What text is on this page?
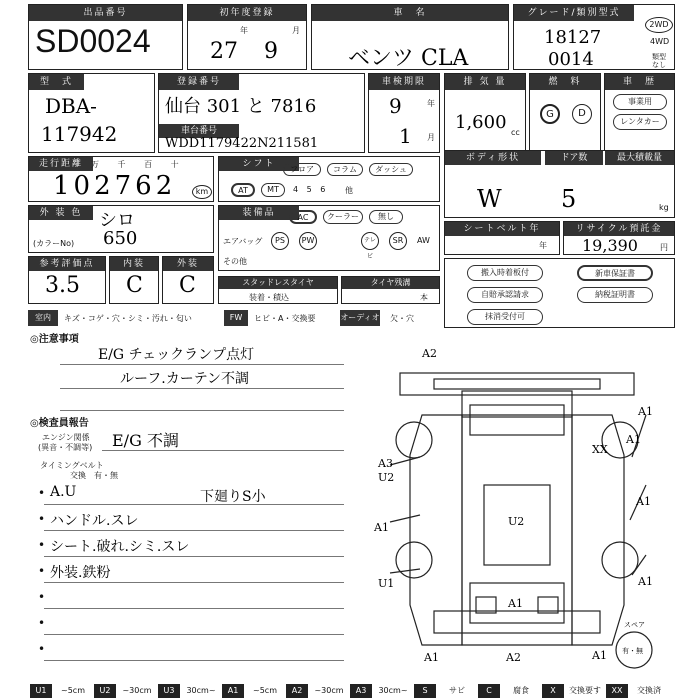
出品番号
SD0024
初年度登録
年	月
27 9
車　名
ベンツ CLA
グレード/類別型式
18127
0014
2WD
4WD
類型なし
型　式
DBA-
117942
登録番号
仙台 301 と 7816
車台番号
WDD1179422N211581
車検期限
9	年
1 月
排 気 量
1,600 cc
燃　料
G	D
車　歴
事業用
レンタカー
走行距離	万 千 百 十
102762	km
シフト
フロア	コラム	ダッシュ
AT	MT	4 5 6 他
ボディ形状	ドア数	最大積載量
W 5	kg
外 装 色 シロ
(カラーNo) 650
装備品	AC	クーラー	無し
エアバッグ	PS	PW	テレビ
SR	AW
その他
シートベルト年
年
リサイクル預託金
19,390	円
参考評価点
3.5
内装
C
外装
C	スタッドレスタイヤ
装着・積込
タイヤ残溝
本
搬入時着板付	新車保証書
自賠承認請求	納税証明書
抹消受付可
室内	キズ・コゲ・穴・シミ・汚れ・匂い	FW	ヒビ・A・交換要	オーディオ 欠・穴
◎注意事項
E/G チェックランプ点灯
ルーフ.カーテン不調
◎検査員報告
エンジン関係
(異音・不調等) E/G 不調
タイミングベルト
交換　有・無
• A.U
• ハンドル.スレ
• シート.破れ.シミ.スレ
• 外装.鉄粉
•
•
•
下廻りS小
A2
A1
A1
XX
A3
U2
U2
A1
A1
U1	A1
A1
A1	A2	A1
スペア
有・無
U1	~5cm	U2	~30cm	U3	30cm~	A1	~5cm	A2	~30cm	A3	30cm~	S	サビ	C	腐食	X	交換要す	XX	交換済
